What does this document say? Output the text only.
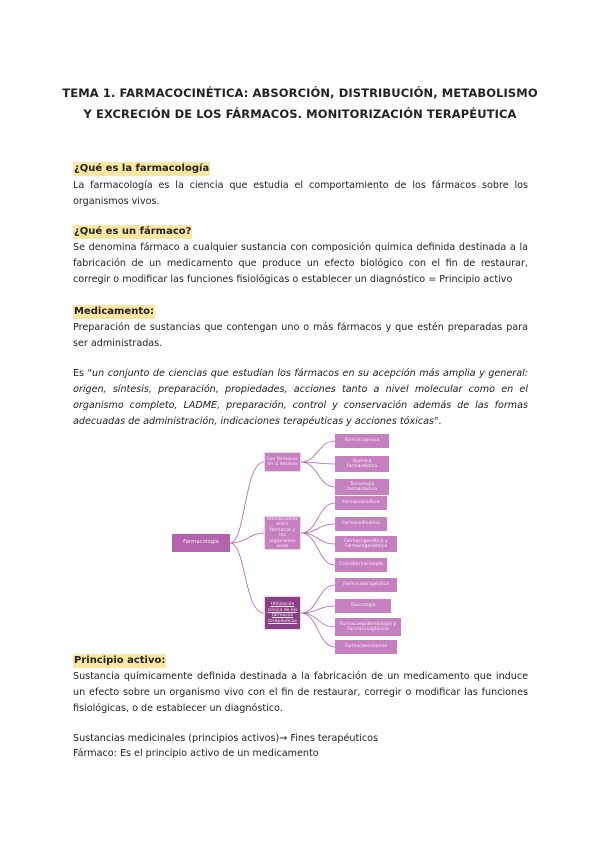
TEMA 1. FARMACOCINÉTICA: ABSORCIÓN, DISTRIBUCIÓN, METABOLISMO Y EXCRECIÓN DE LOS FÁRMACOS. MONITORIZACIÓN TERAPÉUTICA
¿Qué es la farmacología
La farmacología es la ciencia que estudia el comportamiento de los fármacos sobre los organismos vivos.
¿Qué es un fármaco?
Se denomina fármaco a cualquier sustancia con composición química definida destinada a la fabricación de un medicamento que produce un efecto biológico con el fin de restaurar, corregir o modificar las funciones fisiológicas o establecer un diagnóstico = Principio activo
Medicamento:
Preparación de sustancias que contengan uno o más fármacos y que estén preparadas para ser administradas.
Es "un conjunto de ciencias que estudian los fármacos en su acepción más amplia y general: origen, síntesis, preparación, propiedades, acciones tanto a nivel molecular como en el organismo completo, LADME, preparación, control y conservación además de las formas adecuadas de administración, indicaciones terapéuticas y acciones tóxicas".
Farmacología
Los fármacos en sí mismos
Interacciones entre fármacos y los organismos vivos
Utilización clínica de los fármacos terapéuticos
Farmacognosia
Química farmacéutica
Tecnología farmacéutica
Farmacocinética
Farmacodinamia
Farmacogenética y Farmacogenómica
Cronofarmacología
Farmacoterapéutica
Toxicología
Farmacoepidemiología y Farmacovigilancia
Farmacoeconomía
Principio activo:
Sustancia químicamente definida destinada a la fabricación de un medicamento que induce un efecto sobre un organismo vivo con el fin de restaurar, corregir o modificar las funciones fisiológicas, o de establecer un diagnóstico.
Sustancias medicinales (principios activos)→ Fines terapéuticos
Fármaco: Es el principio activo de un medicamento
